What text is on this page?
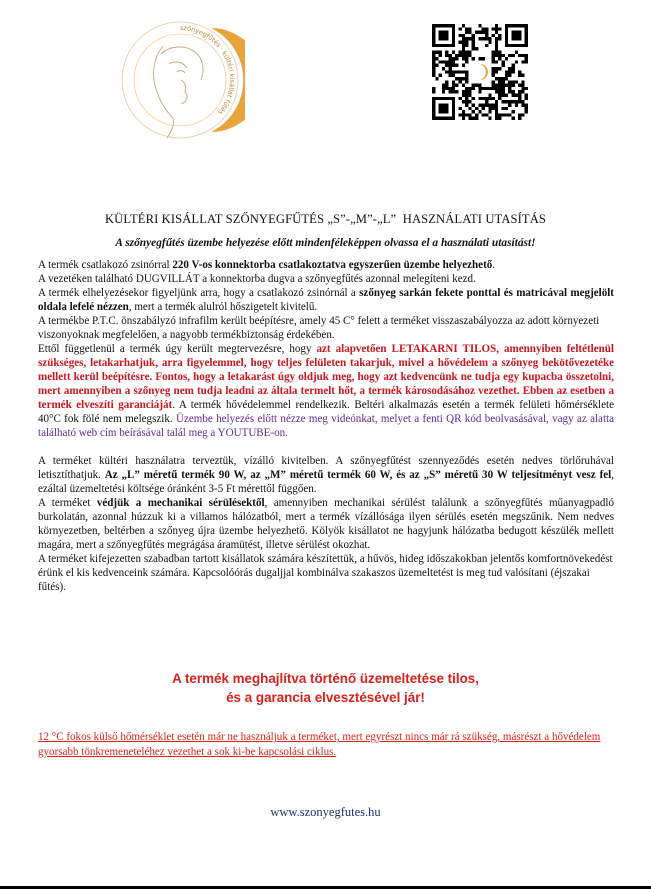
szőnyegfűtés · kültéri kisállat fűtés
KÜLTÉRI KISÁLLAT SZŐNYEGFŰTÉS „S”-„M”-„L”  HASZNÁLATI UTASÍTÁS
A szőnyegfűtés üzembe helyezése előtt mindenféleképpen olvassa el a használati utasítást!

A termék csatlakozó zsinórral 220 V-os konnektorba csatlakoztatva egyszerűen üzembe helyezhető.

A vezetéken található DUGVILLÁT a konnektorba dugva a szőnyegfűtés azonnal melegíteni kezd.

A termék elhelyezésekor figyeljünk arra, hogy a csatlakozó zsinórnál a szőnyeg sarkán fekete ponttal és matricával megjelölt oldala lefelé nézzen, mert a termék alulról hőszigetelt kivitelű.

A termékbe P.T.C. önszabályzó infrafilm került beépítésre, amely 45 C° felett a terméket visszaszabályozza az adott környezeti viszonyoknak megfelelően, a nagyobb termékbiztonság érdekében.

Ettől függetlenül a termék úgy került megtervezésre, hogy azt alapvetően LETAKARNI TILOS, amennyiben feltétlenül szükséges, letakarhatjuk, arra figyelemmel, hogy teljes felületen takarjuk, mivel a hővédelem a szőnyeg bekötővezetéke mellett kerül beépítésre. Fontos, hogy a letakarást úgy oldjuk meg, hogy azt kedvencünk ne tudja egy kupacba összetolni, mert amennyiben a szőnyeg nem tudja leadni az általa termelt hőt, a termék károsodásához vezethet. Ebben az esetben a termék elveszíti garanciáját. A termék hővédelemmel rendelkezik. Beltéri alkalmazás esetén a termék felületi hőmérséklete 40°C fok fölé nem melegszik. Üzembe helyezés előtt nézze meg videónkat, melyet a fenti QR kód beolvasásával, vagy az alatta található web cím beírásával talál meg a YOUTUBE-on.

A terméket kültéri használatra terveztük, vízálló kivitelben. A szőnyegfűtést szennyeződés esetén nedves törlőruhával letisztíthatjuk. Az „L” méretű termék 90 W, az „M” méretű termék 60 W, és az „S” méretű 30 W teljesítményt vesz fel, ezáltal üzemeltetési költsége óránként 3-5 Ft mérettől függően.

A terméket védjük a mechanikai sérülésektől, amennyiben mechanikai sérülést találunk a szőnyegfűtés műanyagpadló burkolatán, azonnal húzzuk ki a villamos hálózatból, mert a termék vízállósága ilyen sérülés esetén megszűnik. Nem nedves környezetben, beltérben a szőnyeg újra üzembe helyezhető. Kölyök kisállatot ne hagyjunk hálózatba bedugott készülék mellett magára, mert a szőnyegfűtés megrágása áramütést, illetve sérülést okozhat.

A terméket kifejezetten szabadban tartott kisállatok számára készítettük, a hűvös, hideg időszakokban jelentős komfortnövekedést érünk el kis kedvenceink számára. Kapcsolóórás dugaljjal kombinálva szakaszos üzemeltetést is meg tud valósítani (éjszakai fűtés).

A termék meghajlítva történő üzemeltetése tilos,
és a garancia elvesztésével jár!
12 °C fokos külső hőmérséklet esetén már ne használjuk a terméket, mert egyrészt nincs már rá szükség, másrészt a hővédelem gyorsabb tönkremeneteléhez vezethet a sok ki-be kapcsolási ciklus.
www.szonyegfutes.hu
